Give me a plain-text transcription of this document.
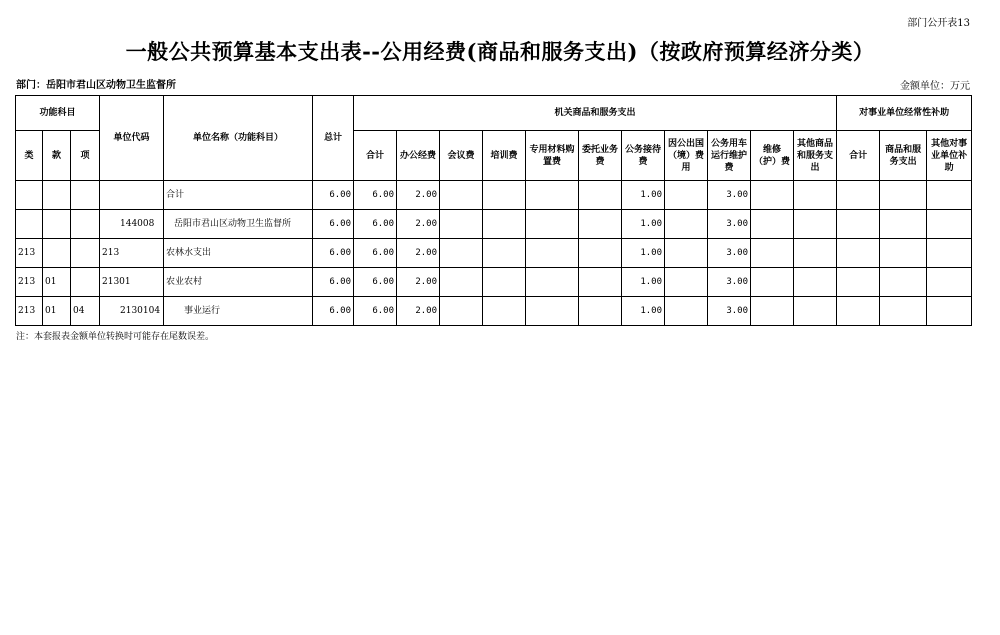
部门公开表13
一般公共预算基本支出表--公用经费(商品和服务支出)（按政府预算经济分类）
部门：岳阳市君山区动物卫生监督所	金额单位：万元
功能科目			单位代码	单位名称（功能科目）	总计	机关商品和服务支出											对事业单位经常性补助		
类	款	项				合计	办公经费	会议费	培训费	专用材料购置费	委托业务费	公务接待费	因公出国（境）费用	公务用车运行维护费	维修（护）费	其他商品和服务支出	合计	商品和服务支出	其他对事业单位补助
				合计	6.00	6.00	2.00					1.00		3.00					
			144008	岳阳市君山区动物卫生监督所	6.00	6.00	2.00					1.00		3.00					
213			213	农林水支出	6.00	6.00	2.00					1.00		3.00					
213	01		21301	农业农村	6.00	6.00	2.00					1.00		3.00					
213	01	04	2130104	事业运行	6.00	6.00	2.00					1.00		3.00					
注：本套报表金额单位转换时可能存在尾数误差。
